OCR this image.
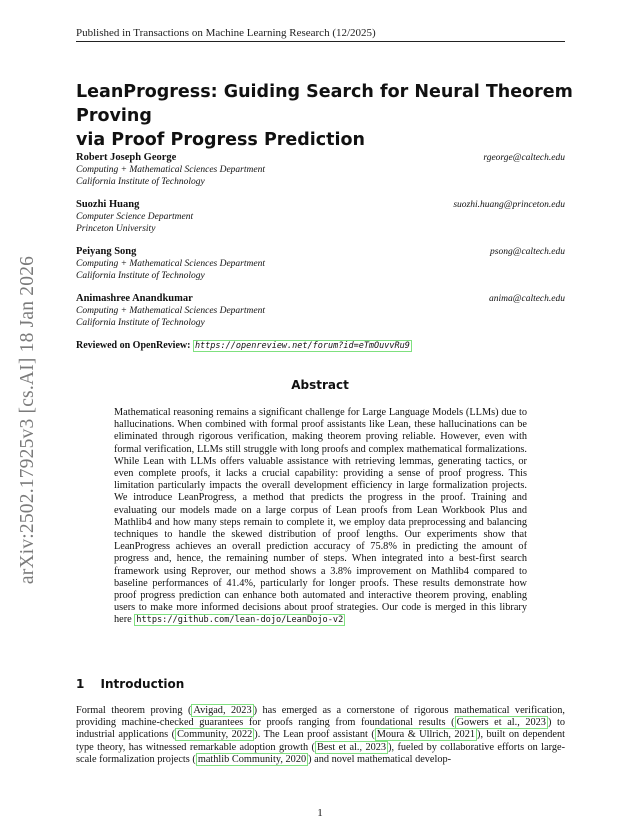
arXiv:2502.17925v3 [cs.AI] 18 Jan 2026
Published in Transactions on Machine Learning Research (12/2025)
LeanProgress: Guiding Search for Neural Theorem Proving
via Proof Progress Prediction
Robert Joseph George	rgeorge@caltech.edu
Computing + Mathematical Sciences Department
California Institute of Technology
Suozhi Huang	suozhi.huang@princeton.edu
Computer Science Department
Princeton University
Peiyang Song	psong@caltech.edu
Computing + Mathematical Sciences Department
California Institute of Technology
Animashree Anandkumar	anima@caltech.edu
Computing + Mathematical Sciences Department
California Institute of Technology
Reviewed on OpenReview: https://openreview.net/forum?id=eTmOuvvRu9
Abstract
Mathematical reasoning remains a significant challenge for Large Language Models (LLMs) due to hallucinations. When combined with formal proof assistants like Lean, these hallucinations can be eliminated through rigorous verification, making theorem proving reliable. However, even with formal verification, LLMs still struggle with long proofs and complex mathematical formalizations. While Lean with LLMs offers valuable assistance with retrieving lemmas, generating tactics, or even complete proofs, it lacks a crucial capability: providing a sense of proof progress. This limitation particularly impacts the overall development efficiency in large formalization projects. We introduce LeanProgress, a method that predicts the progress in the proof. Training and evaluating our models made on a large corpus of Lean proofs from Lean Workbook Plus and Mathlib4 and how many steps remain to complete it, we employ data preprocessing and balancing techniques to handle the skewed distribution of proof lengths. Our experiments show that LeanProgress achieves an overall prediction accuracy of 75.8% in predicting the amount of progress and, hence, the remaining number of steps. When integrated into a best-first search framework using Reprover, our method shows a 3.8% improvement on Mathlib4 compared to baseline performances of 41.4%, particularly for longer proofs. These results demonstrate how proof progress prediction can enhance both automated and interactive theorem proving, enabling users to make more informed decisions about proof strategies. Our code is merged in this library here https://github.com/lean-dojo/LeanDojo-v2
1 Introduction
Formal theorem proving ( Avigad, 2023 ) has emerged as a cornerstone of rigorous mathematical verification, providing machine-checked guarantees for proofs ranging from foundational results ( Gowers et al., 2023 ) to industrial applications ( Community, 2022 ). The Lean proof assistant ( Moura & Ullrich, 2021 ), built on dependent type theory, has witnessed remarkable adoption growth ( Best et al., 2023 ), fueled by collaborative efforts on large-scale formalization projects ( mathlib Community, 2020 ) and novel mathematical develop-
1
